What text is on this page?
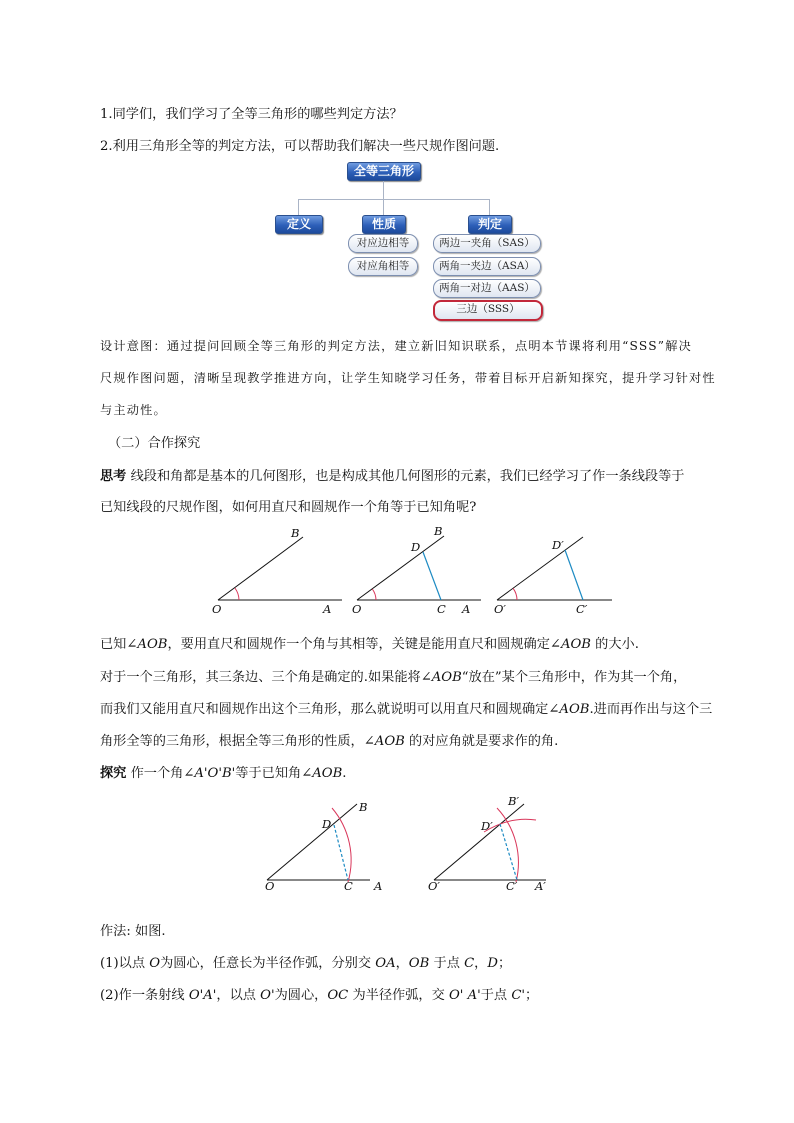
1.同学们，我们学习了全等三角形的哪些判定方法？
2.利用三角形全等的判定方法，可以帮助我们解决一些尺规作图问题.
全等三角形
定义	性质	判定
对应边相等
对应角相等
两边一夹角（SAS）
两角一夹边（ASA）
两角一对边（AAS）
三边（SSS）
设计意图：通过提问回顾全等三角形的判定方法，建立新旧知识联系，点明本节课将利用“SSS”解决
尺规作图问题，清晰呈现教学推进方向，让学生知晓学习任务，带着目标开启新知探究，提升学习针对性
与主动性。
（二）合作探究
思考 线段和角都是基本的几何图形，也是构成其他几何图形的元素，我们已经学习了作一条线段等于
已知线段的尺规作图，如何用直尺和圆规作一个角等于已知角呢?
B
O	A
B
D
O	C A
D′
O′	C′
已知∠AOB，要用直尺和圆规作一个角与其相等，关键是能用直尺和圆规确定∠AOB 的大小.
对于一个三角形，其三条边、三个角是确定的.如果能将∠AOB“放在”某个三角形中，作为其一个角，
而我们又能用直尺和圆规作出这个三角形，那么就说明可以用直尺和圆规确定∠AOB.进而再作出与这个三
角形全等的三角形，根据全等三角形的性质，∠AOB 的对应角就是要求作的角.
探究 作一个角∠A'O'B'等于已知角∠AOB.
B
D
O	C A
B′
D′
O′	C′ A′
作法: 如图.
(1)以点 O为圆心，任意长为半径作弧，分别交 OA，OB 于点 C，D；
(2)作一条射线 O'A'，以点 O'为圆心，OC 为半径作弧，交 O' A'于点 C'；
